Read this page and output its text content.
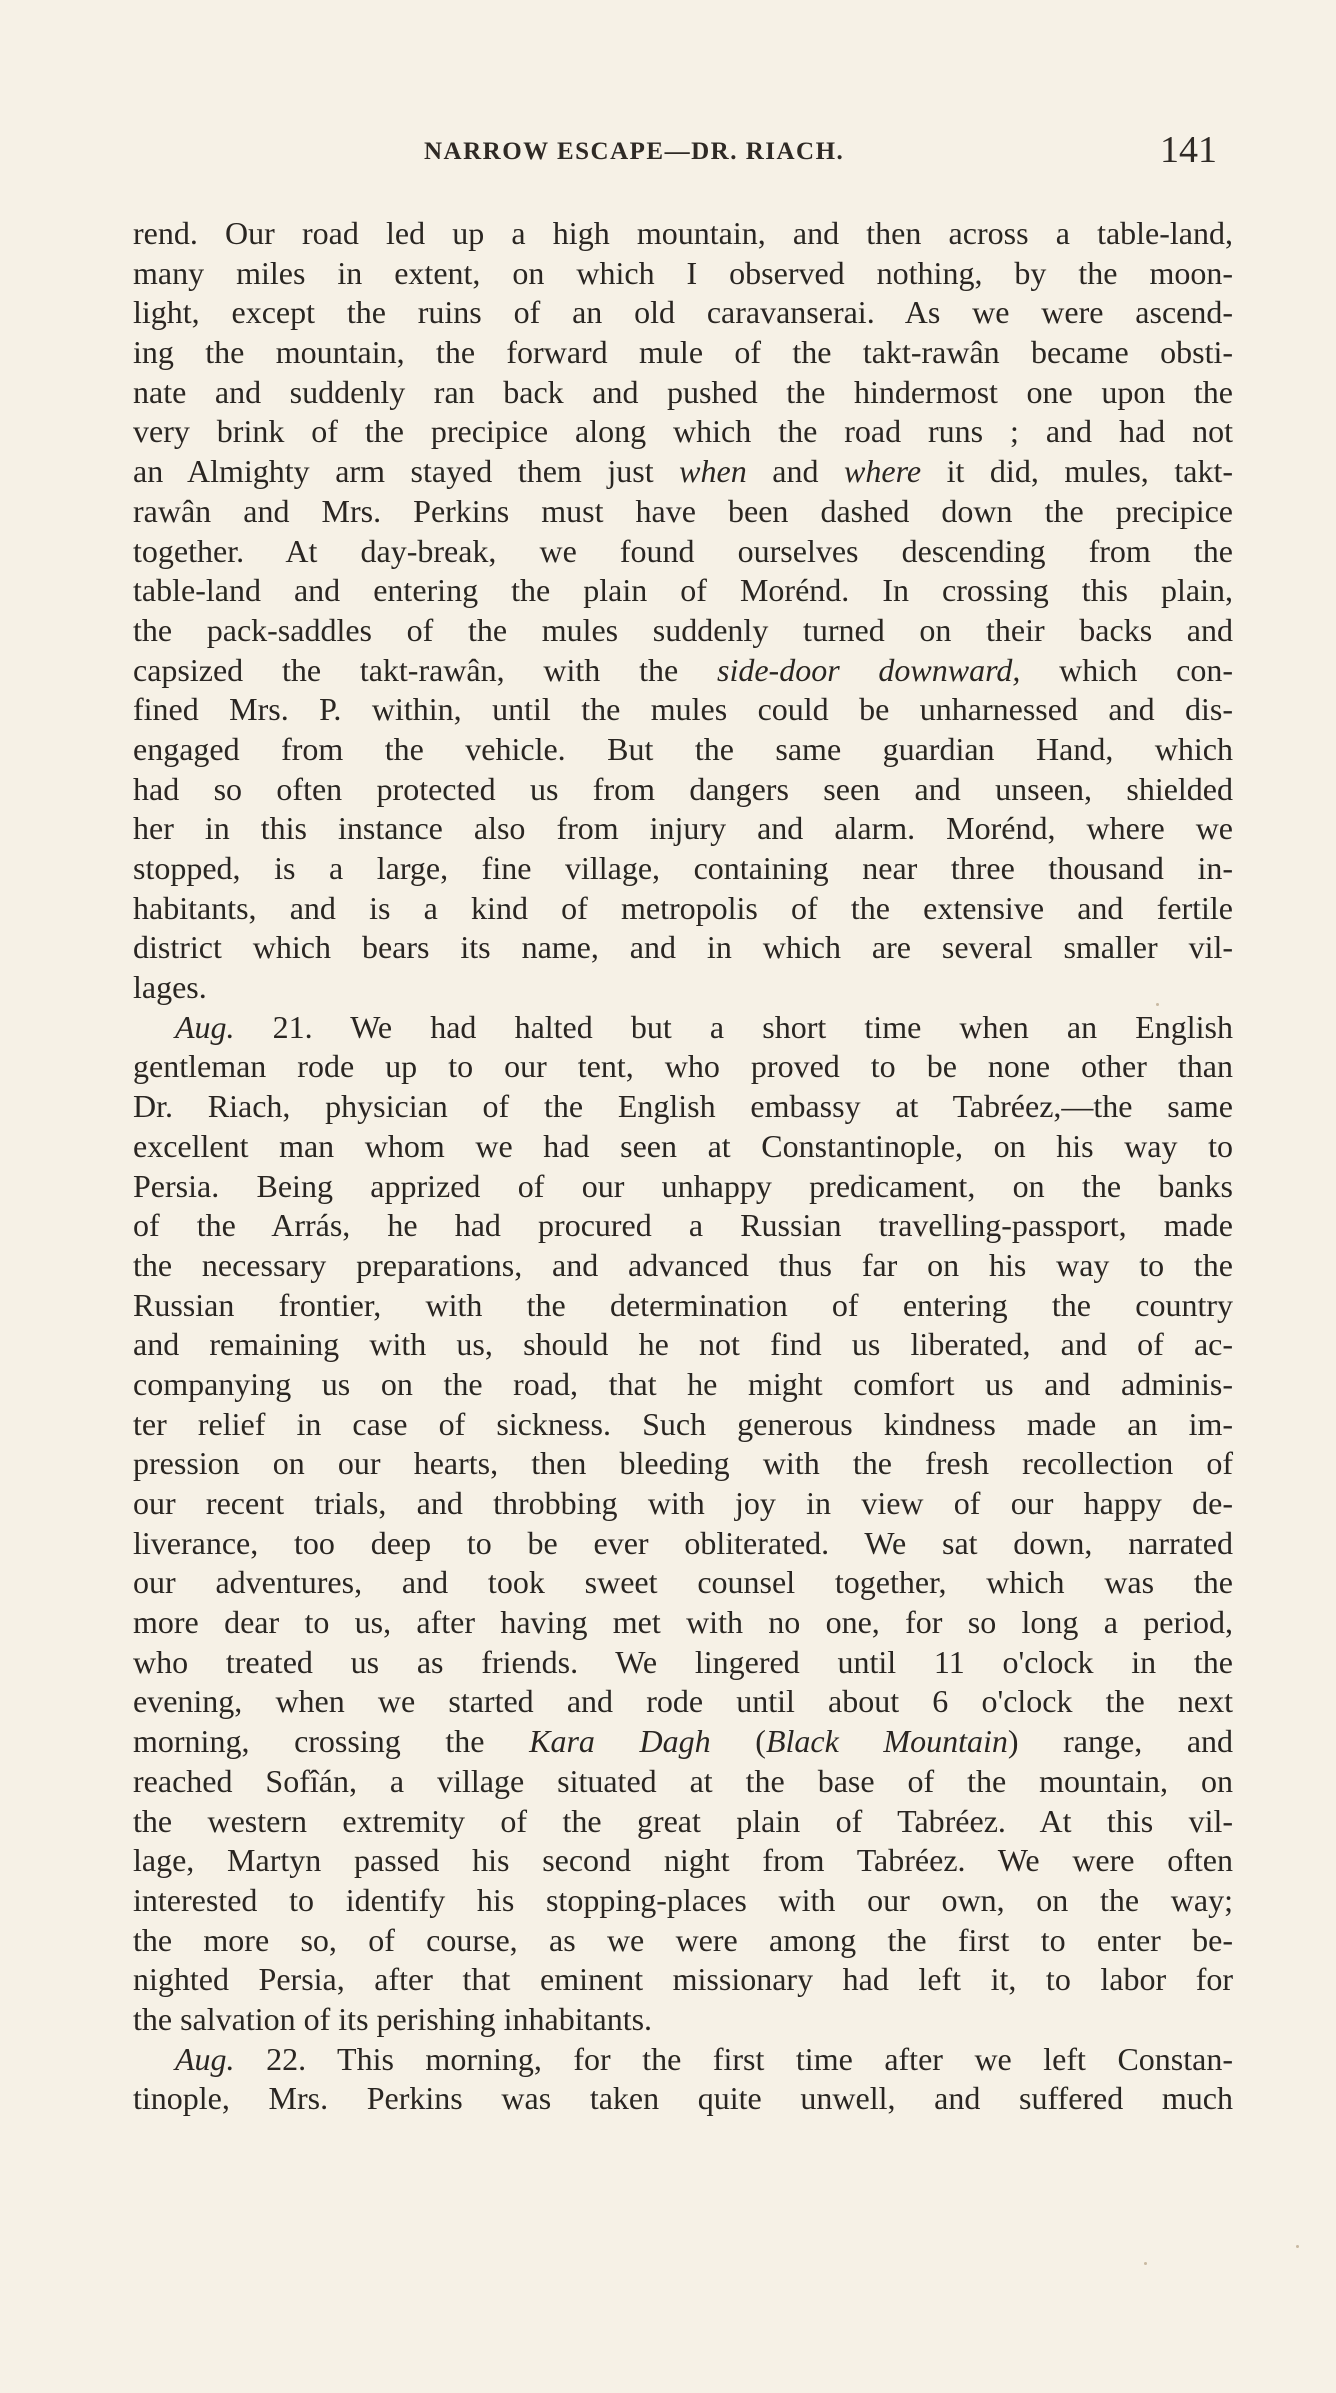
NARROW ESCAPE—DR. RIACH.	141
rend. Our road led up a high mountain, and then across a table-land,
many miles in extent, on which I observed nothing, by the moon-
light, except the ruins of an old caravanserai. As we were ascend-
ing the mountain, the forward mule of the takt-rawân became obsti-
nate and suddenly ran back and pushed the hindermost one upon the
very brink of the precipice along which the road runs ; and had not
an Almighty arm stayed them just when and where it did, mules, takt-
rawân and Mrs. Perkins must have been dashed down the precipice
together. At day-break, we found ourselves descending from the
table-land and entering the plain of Morénd. In crossing this plain,
the pack-saddles of the mules suddenly turned on their backs and
capsized the takt-rawân, with the side-door downward, which con-
fined Mrs. P. within, until the mules could be unharnessed and dis-
engaged from the vehicle. But the same guardian Hand, which
had so often protected us from dangers seen and unseen, shielded
her in this instance also from injury and alarm. Morénd, where we
stopped, is a large, fine village, containing near three thousand in-
habitants, and is a kind of metropolis of the extensive and fertile
district which bears its name, and in which are several smaller vil-
lages.
Aug. 21. We had halted but a short time when an English
gentleman rode up to our tent, who proved to be none other than
Dr. Riach, physician of the English embassy at Tabréez,—the same
excellent man whom we had seen at Constantinople, on his way to
Persia. Being apprized of our unhappy predicament, on the banks
of the Arrás, he had procured a Russian travelling-passport, made
the necessary preparations, and advanced thus far on his way to the
Russian frontier, with the determination of entering the country
and remaining with us, should he not find us liberated, and of ac-
companying us on the road, that he might comfort us and adminis-
ter relief in case of sickness. Such generous kindness made an im-
pression on our hearts, then bleeding with the fresh recollection of
our recent trials, and throbbing with joy in view of our happy de-
liverance, too deep to be ever obliterated. We sat down, narrated
our adventures, and took sweet counsel together, which was the
more dear to us, after having met with no one, for so long a period,
who treated us as friends. We lingered until 11 o'clock in the
evening, when we started and rode until about 6 o'clock the next
morning, crossing the Kara Dagh (Black Mountain) range, and
reached Sofîán, a village situated at the base of the mountain, on
the western extremity of the great plain of Tabréez. At this vil-
lage, Martyn passed his second night from Tabréez. We were often
interested to identify his stopping-places with our own, on the way;
the more so, of course, as we were among the first to enter be-
nighted Persia, after that eminent missionary had left it, to labor for
the salvation of its perishing inhabitants.
Aug. 22. This morning, for the first time after we left Constan-
tinople, Mrs. Perkins was taken quite unwell, and suffered much
